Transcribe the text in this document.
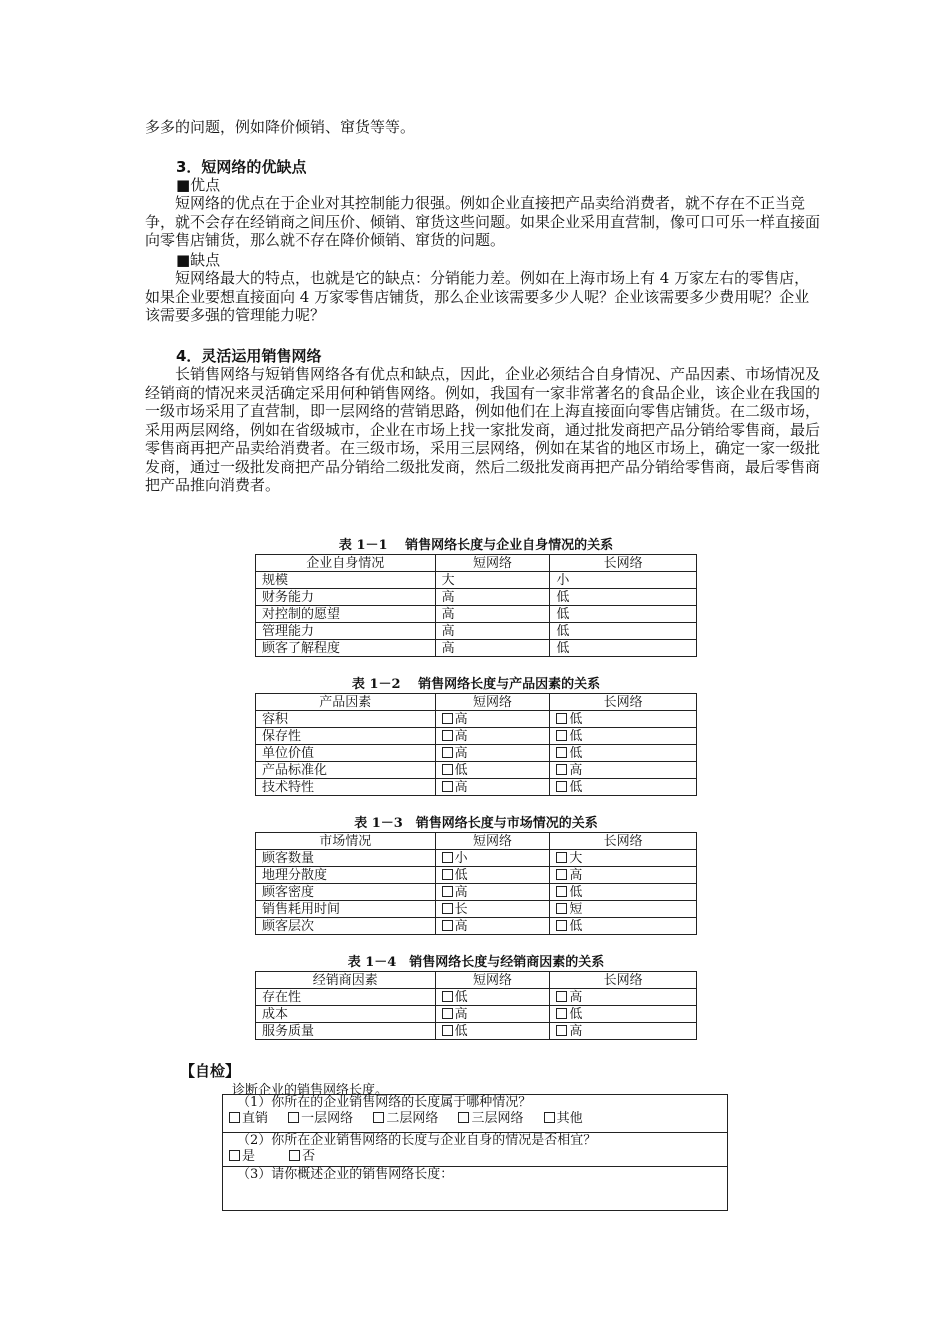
多多的问题，例如降价倾销、窜货等等。
3．短网络的优缺点
■优点
短网络的优点在于企业对其控制能力很强。例如企业直接把产品卖给消费者，就不存在不正当竞争，就不会存在经销商之间压价、倾销、窜货这些问题。如果企业采用直营制，像可口可乐一样直接面向零售店铺货，那么就不存在降价倾销、窜货的问题。
■缺点
短网络最大的特点，也就是它的缺点：分销能力差。例如在上海市场上有 4 万家左右的零售店，如果企业要想直接面向 4 万家零售店铺货，那么企业该需要多少人呢？企业该需要多少费用呢？企业该需要多强的管理能力呢？
4．灵活运用销售网络
长销售网络与短销售网络各有优点和缺点，因此，企业必须结合自身情况、产品因素、市场情况及经销商的情况来灵活确定采用何种销售网络。例如，我国有一家非常著名的食品企业，该企业在我国的一级市场采用了直营制，即一层网络的营销思路，例如他们在上海直接面向零售店铺货。在二级市场，采用两层网络，例如在省级城市，企业在市场上找一家批发商，通过批发商把产品分销给零售商，最后零售商再把产品卖给消费者。在三级市场，采用三层网络，例如在某省的地区市场上，确定一家一级批发商，通过一级批发商把产品分销给二级批发商，然后二级批发商再把产品分销给零售商，最后零售商把产品推向消费者。
表 1－1　 销售网络长度与企业自身情况的关系
企业自身情况	短网络	长网络
规模	大	小
财务能力	高	低
对控制的愿望	高	低
管理能力	高	低
顾客了解程度	高	低
表 1－2　 销售网络长度与产品因素的关系
产品因素	短网络	长网络
容积	高	低
保存性	高	低
单位价值	高	低
产品标准化	低	高
技术特性	高	低
表 1－3　销售网络长度与市场情况的关系
市场情况	短网络	长网络
顾客数量	小	大
地理分散度	低	高
顾客密度	高	低
销售耗用时间	长	短
顾客层次	高	低
表 1－4　销售网络长度与经销商因素的关系
经销商因素	短网络	长网络
存在性	低	高
成本	高	低
服务质量	低	高
【自检】
诊断企业的销售网络长度。
（1）你所在的企业销售网络的长度属于哪种情况？
直销	一层网络	二层网络	三层网络	其他
（2）你所在企业销售网络的长度与企业自身的情况是否相宜？
是	否
（3）请你概述企业的销售网络长度：
